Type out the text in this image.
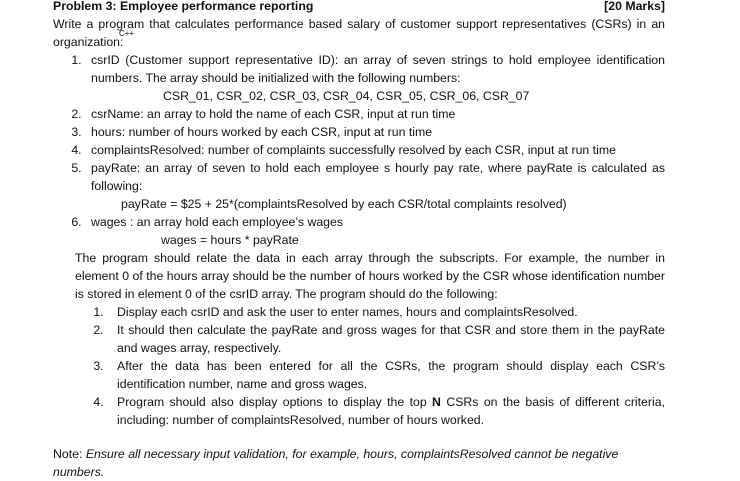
Problem 3: Employee performance reporting	[20 Marks]
C++
Write a program that calculates performance based salary of customer support representatives (CSRs) in an organization:
1. csrID (Customer support representative ID): an array of seven strings to hold employee identification numbers. The array should be initialized with the following numbers:
CSR_01, CSR_02, CSR_03, CSR_04, CSR_05, CSR_06, CSR_07
2. csrName: an array to hold the name of each CSR, input at run time
3. hours: number of hours worked by each CSR, input at run time
4. complaintsResolved: number of complaints successfully resolved by each CSR, input at run time
5. payRate: an array of seven to hold each employee s hourly pay rate, where payRate is calculated as following:
payRate = $25 + 25*(complaintsResolved by each CSR/total complaints resolved)
6. wages : an array hold each employee’s wages
wages = hours * payRate
The program should relate the data in each array through the subscripts. For example, the number in element 0 of the hours array should be the number of hours worked by the CSR whose identification number is stored in element 0 of the csrID array. The program should do the following:
1. Display each csrID and ask the user to enter names, hours and complaintsResolved.
2. It should then calculate the payRate and gross wages for that CSR and store them in the payRate and wages array, respectively.
3. After the data has been entered for all the CSRs, the program should display each CSR’s identification number, name and gross wages.
4. Program should also display options to display the top N CSRs on the basis of different criteria, including: number of complaintsResolved, number of hours worked.
Note: Ensure all necessary input validation, for example, hours, complaintsResolved cannot be negative numbers.
